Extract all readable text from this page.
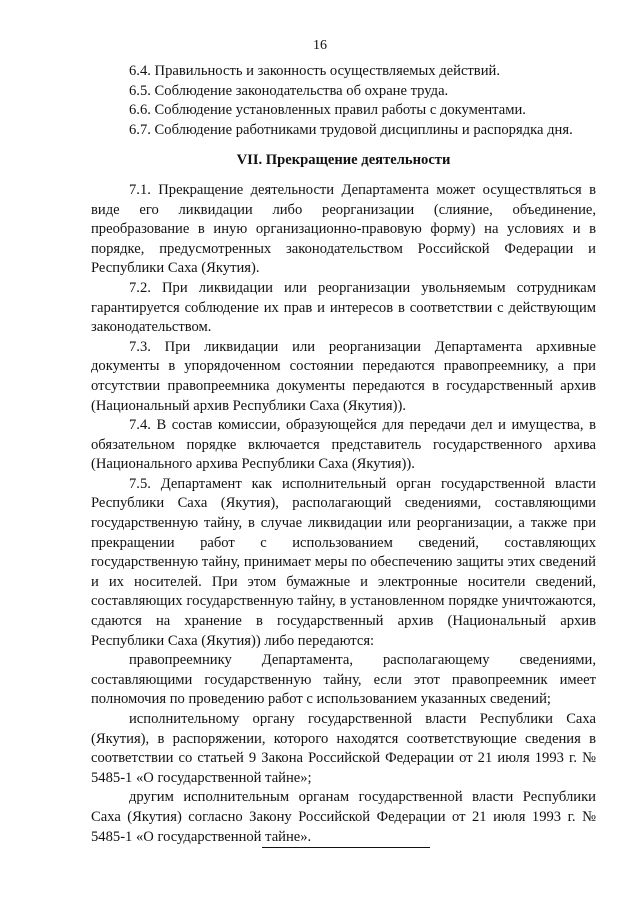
16

6.4. Правильность и законность осуществляемых действий.

6.5. Соблюдение законодательства об охране труда.

6.6. Соблюдение установленных правил работы с документами.

6.7. Соблюдение работниками трудовой дисциплины и распорядка дня.

VII. Прекращение деятельности

7.1. Прекращение деятельности Департамента может осуществляться в виде его ликвидации либо реорганизации (слияние, объединение, преобразование в иную организационно-правовую форму) на условиях и в порядке, предусмотренных законодательством Российской Федерации и Республики Саха (Якутия).

7.2. При ликвидации или реорганизации увольняемым сотрудникам гарантируется соблюдение их прав и интересов в соответствии с действующим законодательством.

7.3. При ликвидации или реорганизации Департамента архивные документы в упорядоченном состоянии передаются правопреемнику, а при отсутствии правопреемника документы передаются в государственный архив (Национальный архив Республики Саха (Якутия)).

7.4. В состав комиссии, образующейся для передачи дел и имущества, в обязательном порядке включается представитель государственного архива (Национального архива Республики Саха (Якутия)).

7.5. Департамент как исполнительный орган государственной власти Республики Саха (Якутия), располагающий сведениями, составляющими государственную тайну, в случае ликвидации или реорганизации, а также при прекращении работ с использованием сведений, составляющих государственную тайну, принимает меры по обеспечению защиты этих сведений и их носителей. При этом бумажные и электронные носители сведений, составляющих государственную тайну, в установленном порядке уничтожаются, сдаются на хранение в государственный архив (Национальный архив Республики Саха (Якутия)) либо передаются:

правопреемнику Департамента, располагающему сведениями, составляющими государственную тайну, если этот правопреемник имеет полномочия по проведению работ с использованием указанных сведений;

исполнительному органу государственной власти Республики Саха (Якутия), в распоряжении, которого находятся соответствующие сведения в соответствии со статьей 9 Закона Российской Федерации от 21 июля 1993 г. № 5485-1 «О государственной тайне»;

другим исполнительным органам государственной власти Республики Саха (Якутия) согласно Закону Российской Федерации от 21 июля 1993 г. № 5485-1 «О государственной тайне».
